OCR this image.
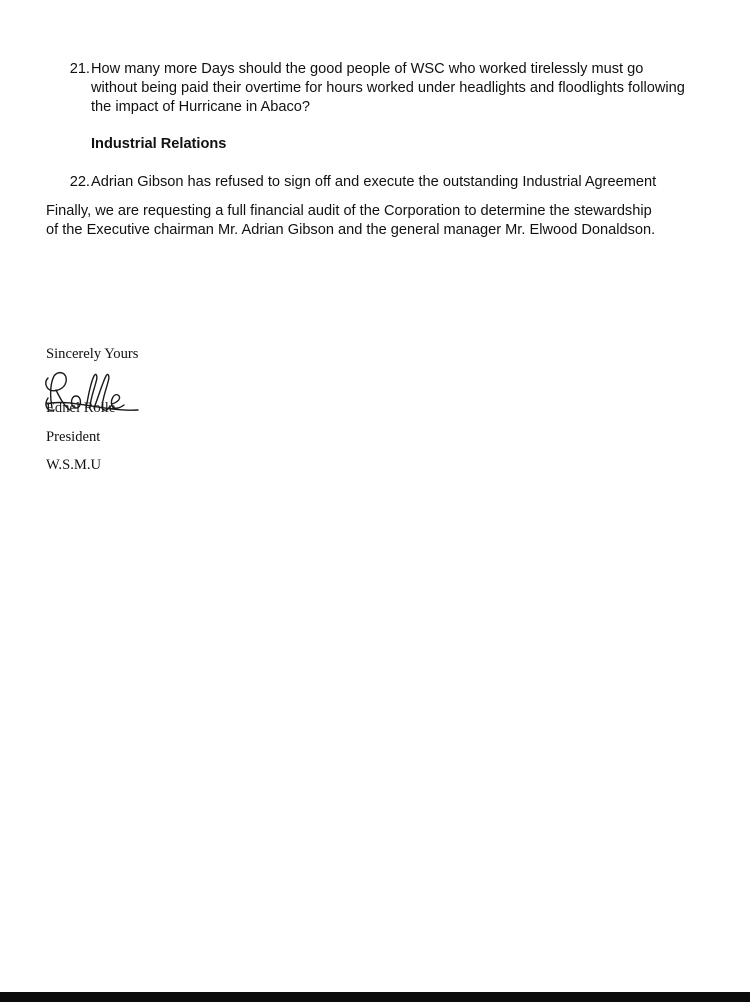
21. How many more Days should the good people of WSC who worked tirelessly must go without being paid their overtime for hours worked under headlights and floodlights following the impact of Hurricane in Abaco?
Industrial Relations
22. Adrian Gibson has refused to sign off and execute the outstanding Industrial Agreement
Finally, we are requesting a full financial audit of the Corporation to determine the stewardship
of the Executive chairman Mr. Adrian Gibson and the general manager Mr. Elwood Donaldson.
Sincerely Yours
Ednel Rolle
President
W.S.M.U
